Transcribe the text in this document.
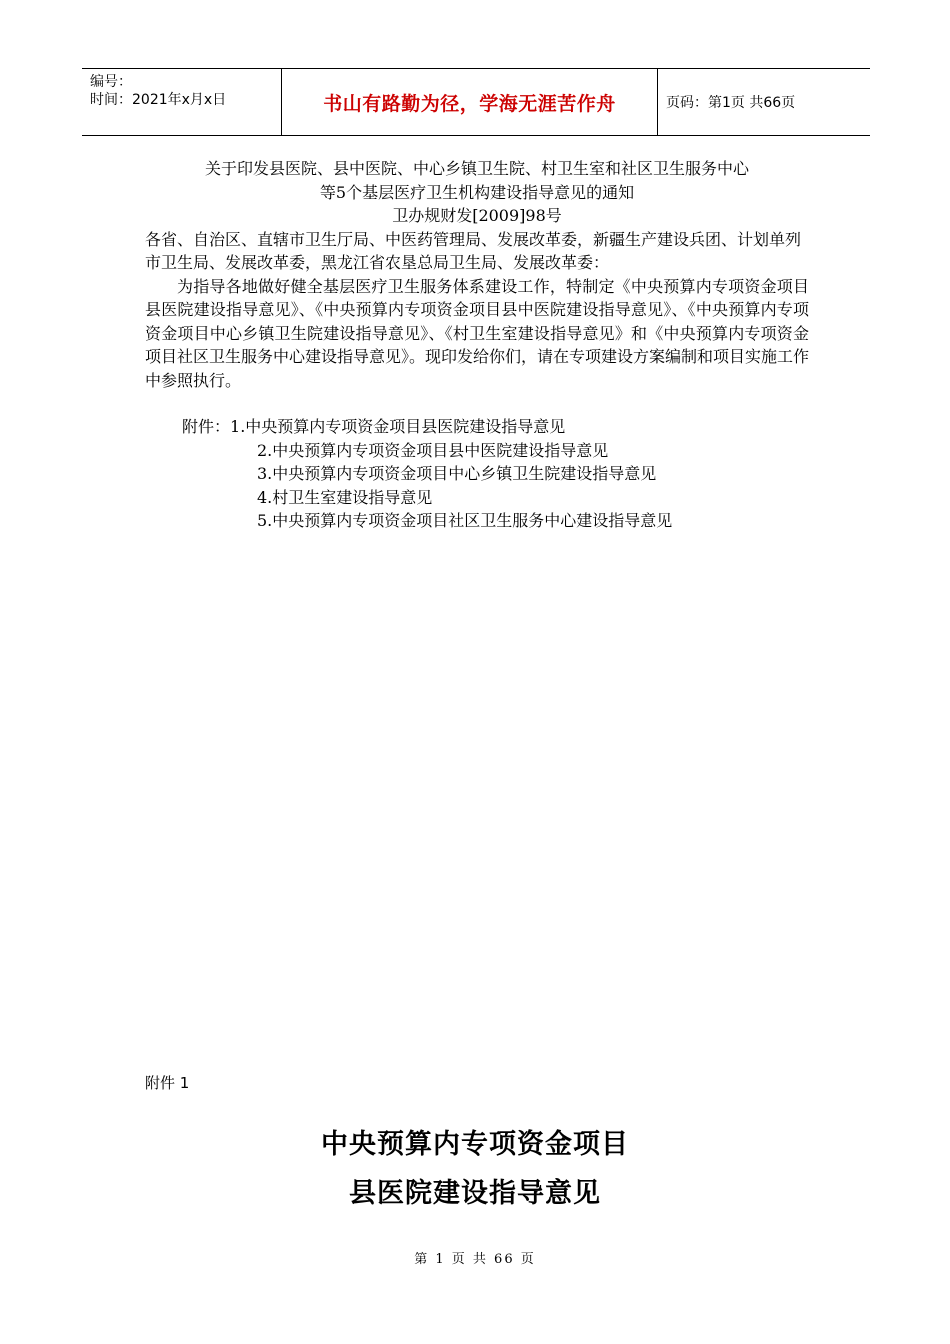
编号：
时间：2021年x月x日	书山有路勤为径，学海无涯苦作舟	页码：第1页 共66页
关于印发县医院、县中医院、中心乡镇卫生院、村卫生室和社区卫生服务中心
等5个基层医疗卫生机构建设指导意见的通知
卫办规财发[2009]98号

各省、自治区、直辖市卫生厅局、中医药管理局、发展改革委，新疆生产建设兵团、计划单列市卫生局、发展改革委，黑龙江省农垦总局卫生局、发展改革委：

为指导各地做好健全基层医疗卫生服务体系建设工作，特制定《中央预算内专项资金项目县医院建设指导意见》、《中央预算内专项资金项目县中医院建设指导意见》、《中央预算内专项资金项目中心乡镇卫生院建设指导意见》、《村卫生室建设指导意见》和《中央预算内专项资金项目社区卫生服务中心建设指导意见》。现印发给你们，请在专项建设方案编制和项目实施工作中参照执行。

附件：1.中央预算内专项资金项目县医院建设指导意见
2.中央预算内专项资金项目县中医院建设指导意见
3.中央预算内专项资金项目中心乡镇卫生院建设指导意见
4.村卫生室建设指导意见
5.中央预算内专项资金项目社区卫生服务中心建设指导意见
附件 1
中央预算内专项资金项目
县医院建设指导意见
第 1 页 共 66 页
